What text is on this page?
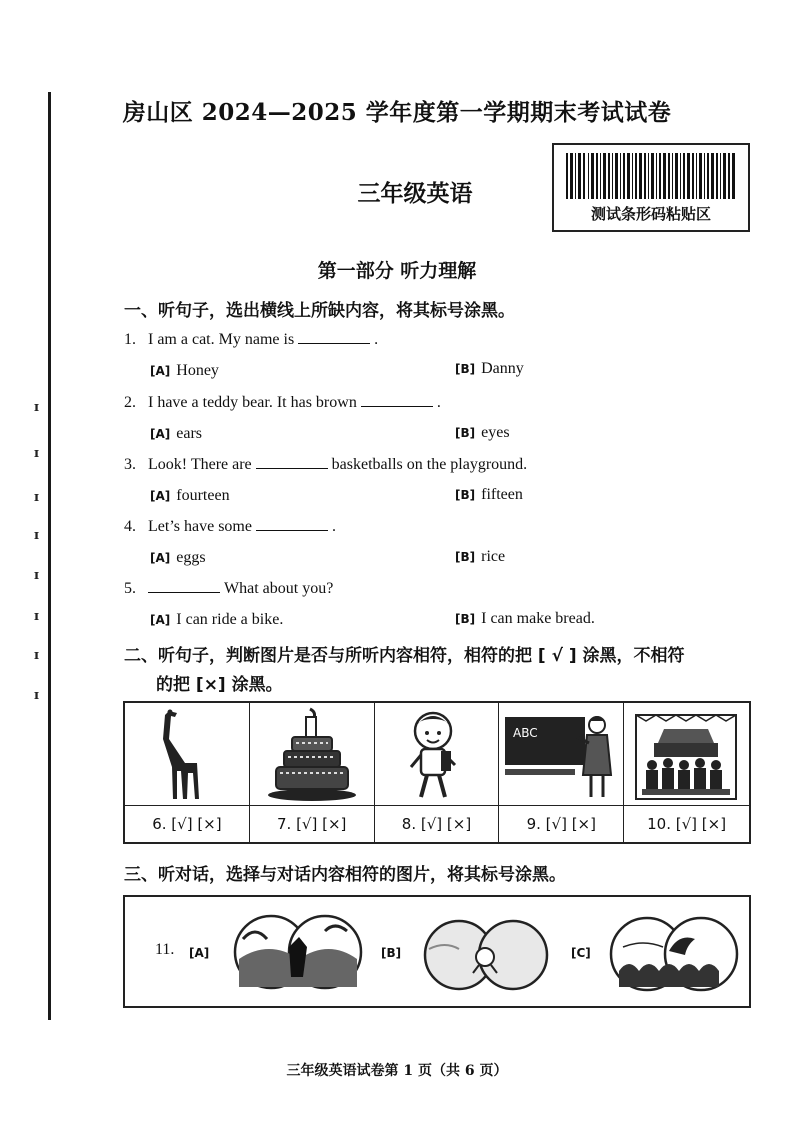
ɪ
ɪ
ɪ
ɪ
ɪ
ɪ
ɪ
ɪ
房山区 2024—2025 学年度第一学期期末考试试卷
三年级英语
测试条形码粘贴区
第一部分 听力理解
一、听句子，选出横线上所缺内容，将其标号涂黑。
1. I am a cat. My name is	.
[A] Honey	[B] Danny
2. I have a teddy bear. It has brown	.
[A] ears	[B] eyes
3. Look! There are	basketballs on the playground.
[A] fourteen	[B] fifteen
4. Let’s have some	.
[A] eggs	[B] rice
5.	What about you?
[A] I can ride a bike.	[B] I can make bread.
二、听句子，判断图片是否与所听内容相符，相符的把 [ √ ] 涂黑，不相符
的把 [×] 涂黑。
ABC
6. [√] [×]	7. [√] [×]	8. [√] [×]	9. [√] [×]	10. [√] [×]
三、听对话，选择与对话内容相符的图片，将其标号涂黑。
11. [A]	[B]	[C]
三年级英语试卷第 1 页（共 6 页）
